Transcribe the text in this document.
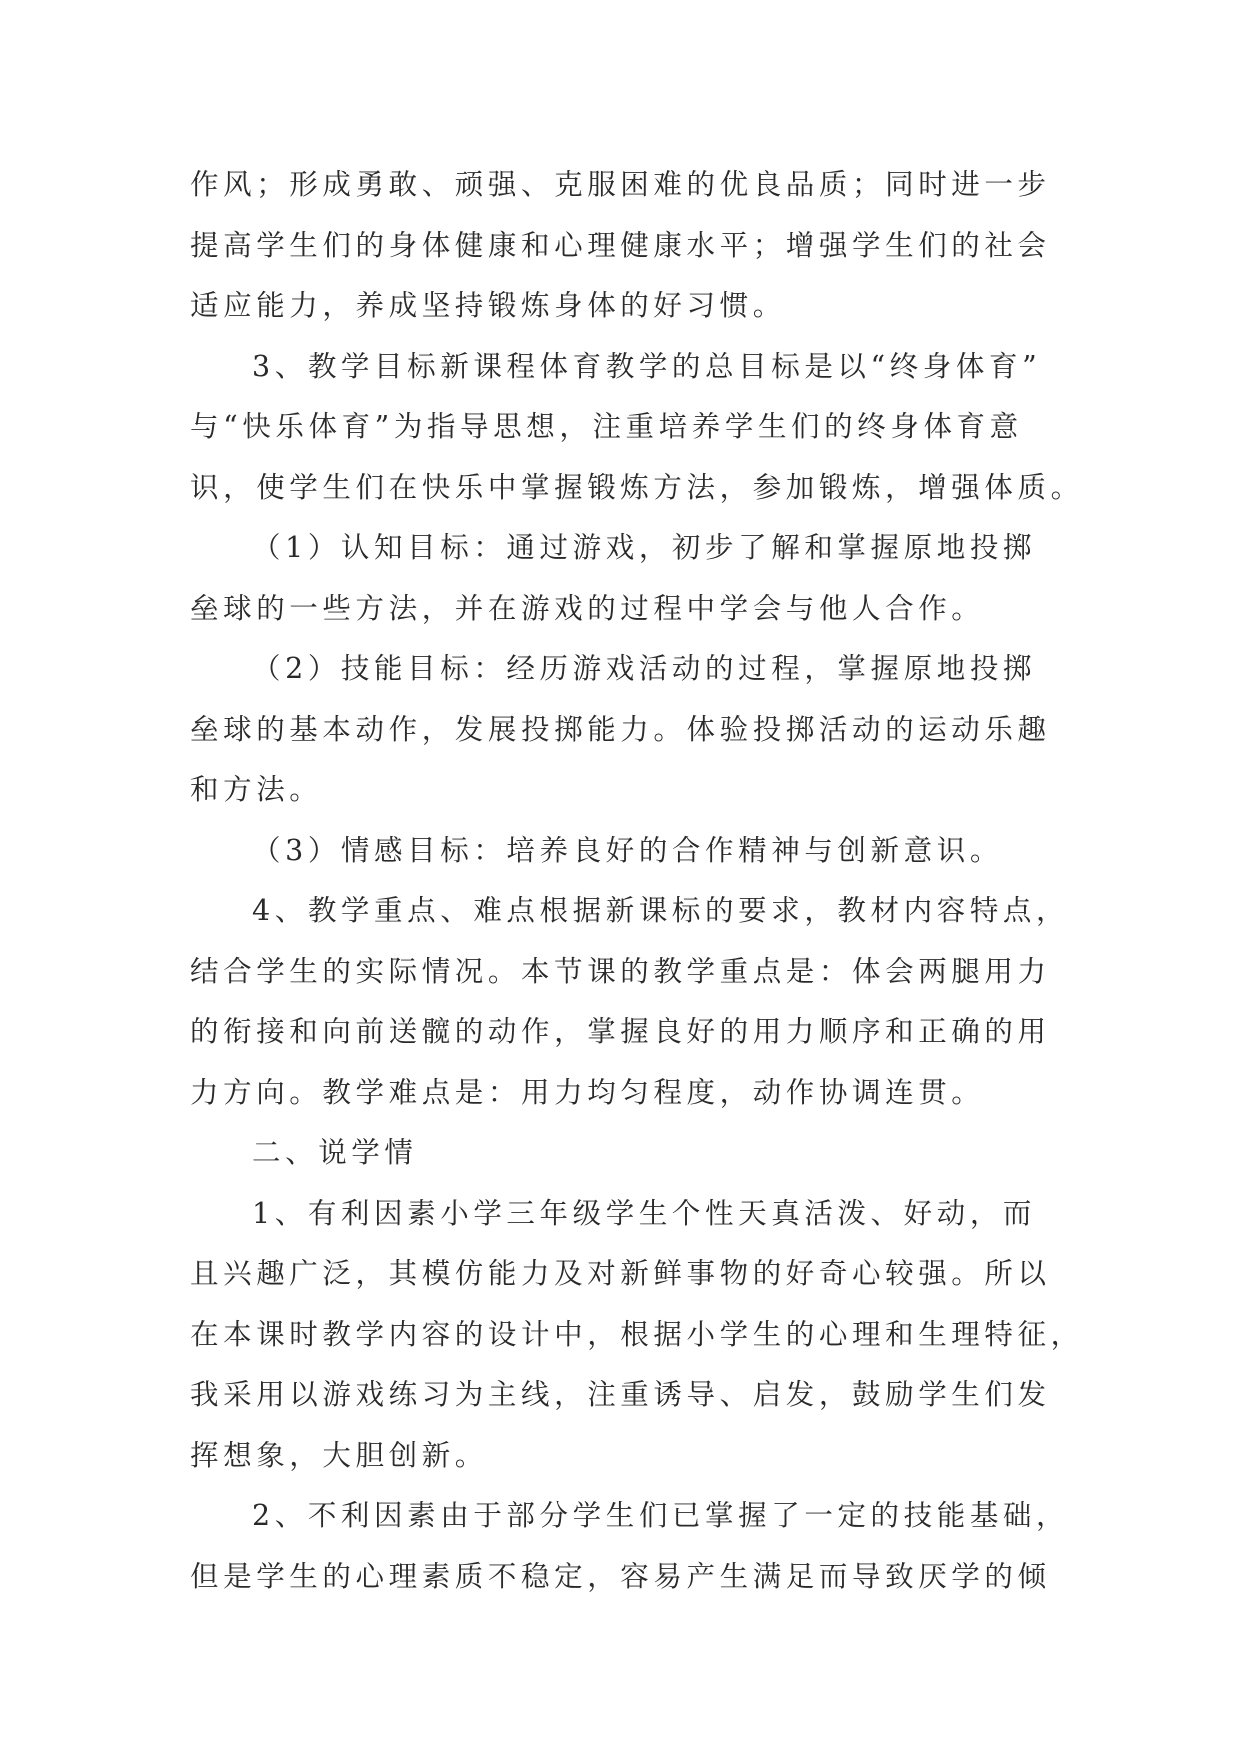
作风；形成勇敢、顽强、克服困难的优良品质；同时进一步
提高学生们的身体健康和心理健康水平；增强学生们的社会
适应能力，养成坚持锻炼身体的好习惯。
3、教学目标新课程体育教学的总目标是以“终身体育”
与“快乐体育”为指导思想，注重培养学生们的终身体育意
识，使学生们在快乐中掌握锻炼方法，参加锻炼，增强体质。
（1）认知目标：通过游戏，初步了解和掌握原地投掷
垒球的一些方法，并在游戏的过程中学会与他人合作。
（2）技能目标：经历游戏活动的过程，掌握原地投掷
垒球的基本动作，发展投掷能力。体验投掷活动的运动乐趣
和方法。
（3）情感目标：培养良好的合作精神与创新意识。
4、教学重点、难点根据新课标的要求，教材内容特点，
结合学生的实际情况。本节课的教学重点是：体会两腿用力
的衔接和向前送髋的动作，掌握良好的用力顺序和正确的用
力方向。教学难点是：用力均匀程度，动作协调连贯。
二、说学情
1、有利因素小学三年级学生个性天真活泼、好动，而
且兴趣广泛，其模仿能力及对新鲜事物的好奇心较强。所以
在本课时教学内容的设计中，根据小学生的心理和生理特征，
我采用以游戏练习为主线，注重诱导、启发，鼓励学生们发
挥想象，大胆创新。
2、不利因素由于部分学生们已掌握了一定的技能基础，
但是学生的心理素质不稳定，容易产生满足而导致厌学的倾
